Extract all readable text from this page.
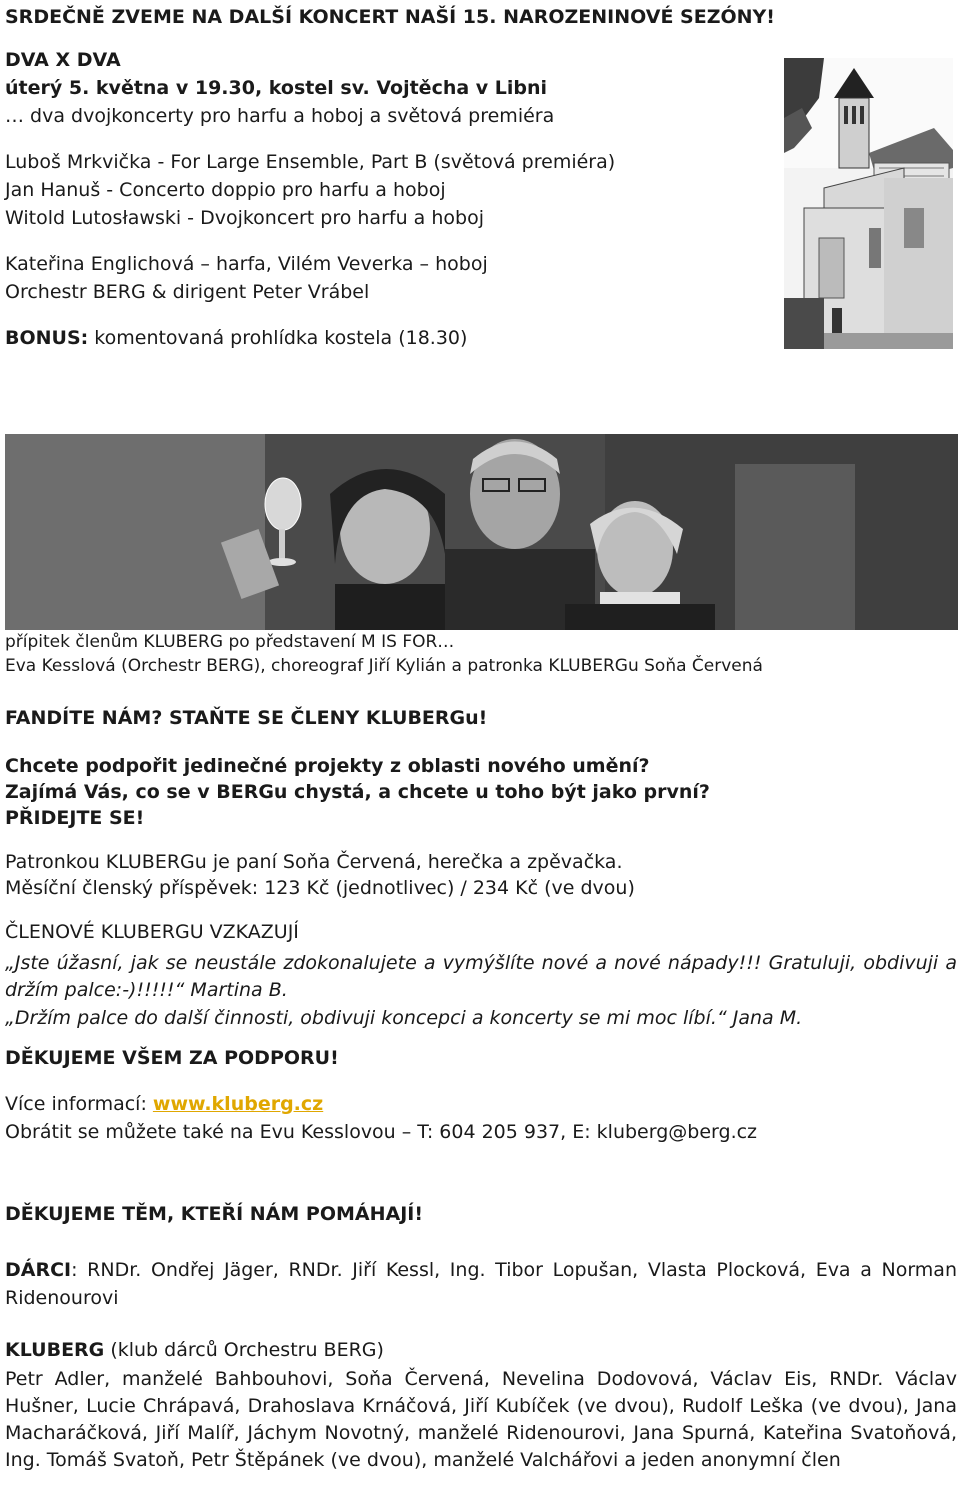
SRDEČNĚ ZVEME NA DALŠÍ KONCERT NAŠÍ 15. NAROZENINOVÉ SEZÓNY!
DVA X DVA
úterý 5. května v 19.30, kostel sv. Vojtěcha v Libni
… dva dvojkoncerty pro harfu a hoboj a světová premiéra
Luboš Mrkvička - For Large Ensemble, Part B (světová premiéra)
Jan Hanuš - Concerto doppio pro harfu a hoboj
Witold Lutosławski - Dvojkoncert pro harfu a hoboj
Kateřina Englichová – harfa, Vilém Veverka – hoboj
Orchestr BERG & dirigent Peter Vrábel
BONUS: komentovaná prohlídka kostela (18.30)
přípitek členům KLUBERG po představení M IS FOR…
Eva Kesslová (Orchestr BERG), choreograf Jiří Kylián a patronka KLUBERGu Soňa Červená
FANDÍTE NÁM? STAŇTE SE ČLENY KLUBERGu!
Chcete podpořit jedinečné projekty z oblasti nového umění?
Zajímá Vás, co se v BERGu chystá, a chcete u toho být jako první?
PŘIDEJTE SE!
Patronkou KLUBERGu je paní Soňa Červená, herečka a zpěvačka.
Měsíční členský příspěvek: 123 Kč (jednotlivec) / 234 Kč (ve dvou)
ČLENOVÉ KLUBERGU VZKAZUJÍ
„Jste úžasní, jak se neustále zdokonalujete a vymýšlíte nové a nové nápady!!! Gratuluji, obdivuji a držím palce:-)!!!!!“ Martina B.
„Držím palce do další činnosti, obdivuji koncepci a koncerty se mi moc líbí.“ Jana M.
DĚKUJEME VŠEM ZA PODPORU!
Více informací: www.kluberg.cz
Obrátit se můžete také na Evu Kesslovou – T: 604 205 937, E: kluberg@berg.cz
DĚKUJEME TĚM, KTEŘÍ NÁM POMÁHAJÍ!
DÁRCI: RNDr. Ondřej Jäger, RNDr. Jiří Kessl, Ing. Tibor Lopušan, Vlasta Plocková, Eva a Norman Ridenourovi
KLUBERG (klub dárců Orchestru BERG)
Petr Adler, manželé Bahbouhovi, Soňa Červená, Nevelina Dodovová, Václav Eis, RNDr. Václav Hušner, Lucie Chrápavá, Drahoslava Krnáčová, Jiří Kubíček (ve dvou), Rudolf Leška (ve dvou), Jana Macharáčková, Jiří Malíř, Jáchym Novotný, manželé Ridenourovi, Jana Spurná, Kateřina Svatoňová, Ing. Tomáš Svatoň, Petr Štěpánek (ve dvou), manželé Valchářovi a jeden anonymní člen
